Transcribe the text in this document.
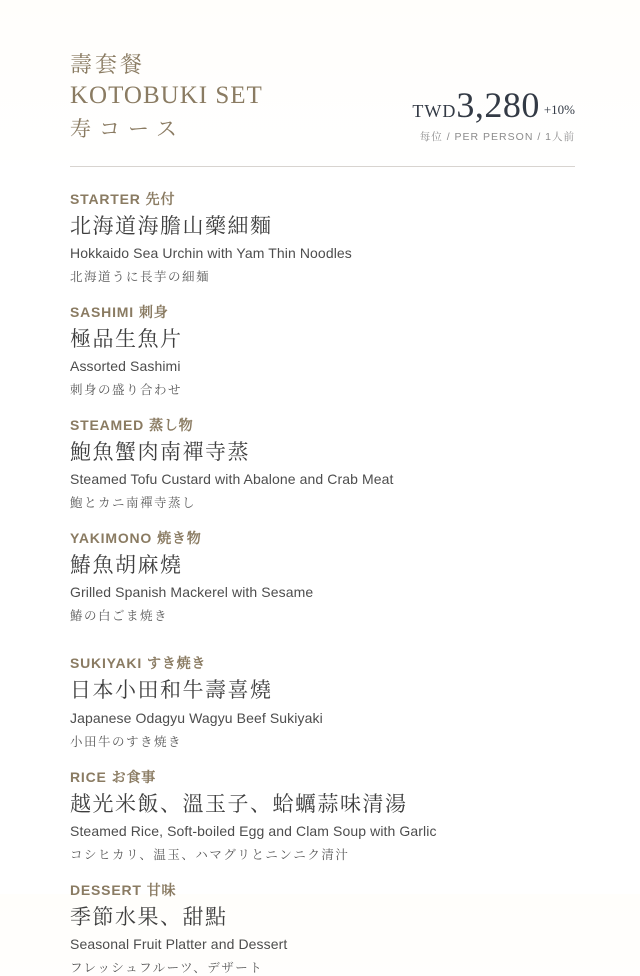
壽套餐
KOTOBUKI SET
寿コース
TWD3,280 +10%
每位 / PER PERSON / 1人前
STARTER 先付

北海道海膽山藥細麵

Hokkaido Sea Urchin with Yam Thin Noodles

北海道うに長芋の細麺

SASHIMI 刺身

極品生魚片

Assorted Sashimi

刺身の盛り合わせ

STEAMED 蒸し物

鮑魚蟹肉南禪寺蒸

Steamed Tofu Custard with Abalone and Crab Meat

鮑とカニ南禪寺蒸し

YAKIMONO 焼き物

鰆魚胡麻燒

Grilled Spanish Mackerel with Sesame

鰆の白ごま焼き

SUKIYAKI すき焼き

日本小田和牛壽喜燒

Japanese Odagyu Wagyu Beef Sukiyaki

小田牛のすき焼き

RICE お食事

越光米飯、溫玉子、蛤蠣蒜味清湯

Steamed Rice, Soft-boiled Egg and Clam Soup with Garlic

コシヒカリ、温玉、ハマグリとニンニク清汁

DESSERT 甘味

季節水果、甜點

Seasonal Fruit Platter and Dessert

フレッシュフルーツ、デザート
